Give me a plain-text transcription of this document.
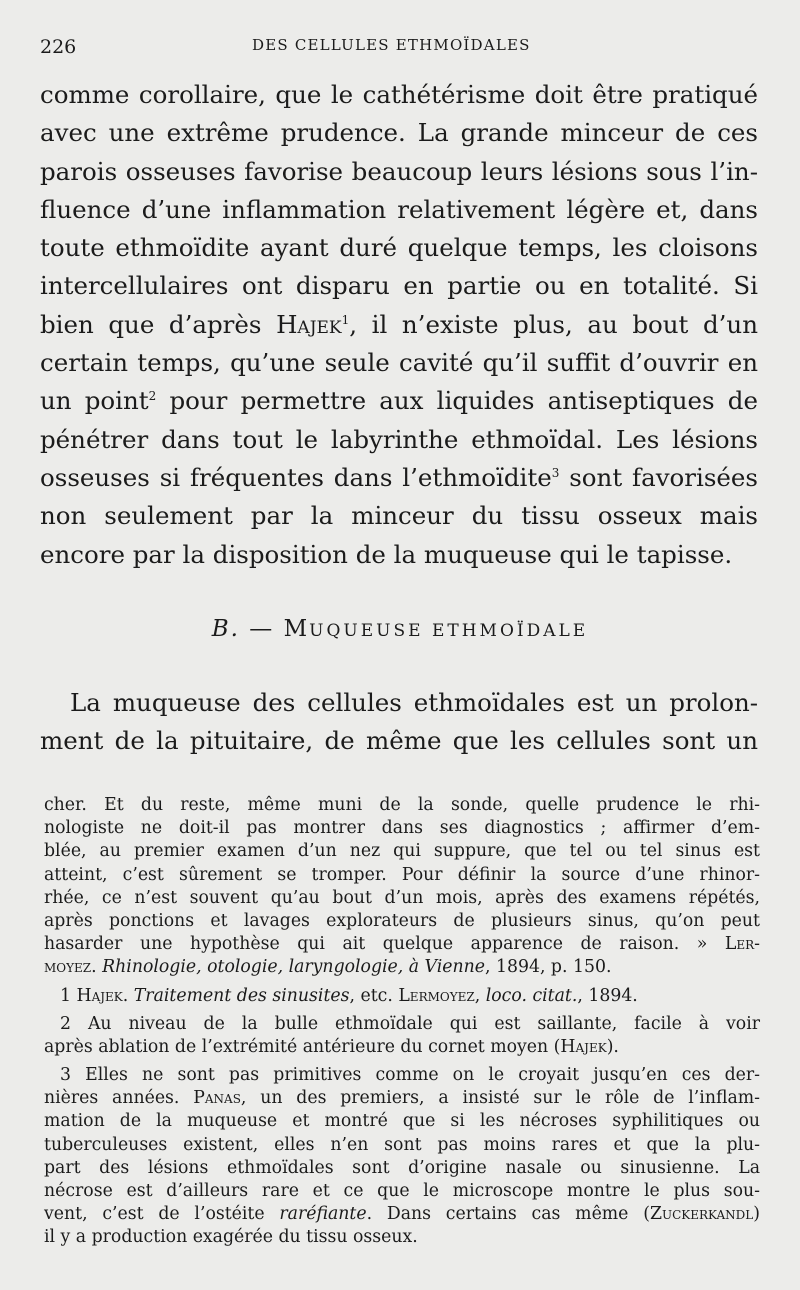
226	DES CELLULES ETHMOÏDALES
comme corollaire, que le cathétérisme doit être pratiqué
avec une extrême prudence. La grande minceur de ces
parois osseuses favorise beaucoup leurs lésions sous l’in-
fluence d’une inflammation relativement légère et, dans
toute ethmoïdite ayant duré quelque temps, les cloisons
intercellulaires ont disparu en partie ou en totalité. Si
bien que d’après Hajek$^1$, il n’existe plus, au bout d’un
certain temps, qu’une seule cavité qu’il suffit d’ouvrir en
un point$^2$ pour permettre aux liquides antiseptiques de
pénétrer dans tout le labyrinthe ethmoïdal. Les lésions
osseuses si fréquentes dans l’ethmoïdite$^3$ sont favorisées
non seulement par la minceur du tissu osseux mais
encore par la disposition de la muqueuse qui le tapisse.
B. — MUQUEUSE ETHMOÏDALE
La muqueuse des cellules ethmoïdales est un prolon-
ment de la pituitaire, de même que les cellules sont un
cher. Et du reste, même muni de la sonde, quelle prudence le rhi-
nologiste ne doit-il pas montrer dans ses diagnostics ; affirmer d’em-
blée, au premier examen d’un nez qui suppure, que tel ou tel sinus est
atteint, c’est sûrement se tromper. Pour définir la source d’une rhinor-
rhée, ce n’est souvent qu’au bout d’un mois, après des examens répétés,
après ponctions et lavages explorateurs de plusieurs sinus, qu’on peut
hasarder une hypothèse qui ait quelque apparence de raison. » Ler-
moyez. Rhinologie, otologie, laryngologie, à Vienne, 1894, p. 150.
1 Hajek. Traitement des sinusites, etc. Lermoyez, loco. citat., 1894.
2 Au niveau de la bulle ethmoïdale qui est saillante, facile à voir
après ablation de l’extrémité antérieure du cornet moyen (Hajek).
3 Elles ne sont pas primitives comme on le croyait jusqu’en ces der-
nières années. Panas, un des premiers, a insisté sur le rôle de l’inflam-
mation de la muqueuse et montré que si les nécroses syphilitiques ou
tuberculeuses existent, elles n’en sont pas moins rares et que la plu-
part des lésions ethmoïdales sont d’origine nasale ou sinusienne. La
nécrose est d’ailleurs rare et ce que le microscope montre le plus sou-
vent, c’est de l’ostéite raréfiante. Dans certains cas même (Zuckerkandl)
il y a production exagérée du tissu osseux.
